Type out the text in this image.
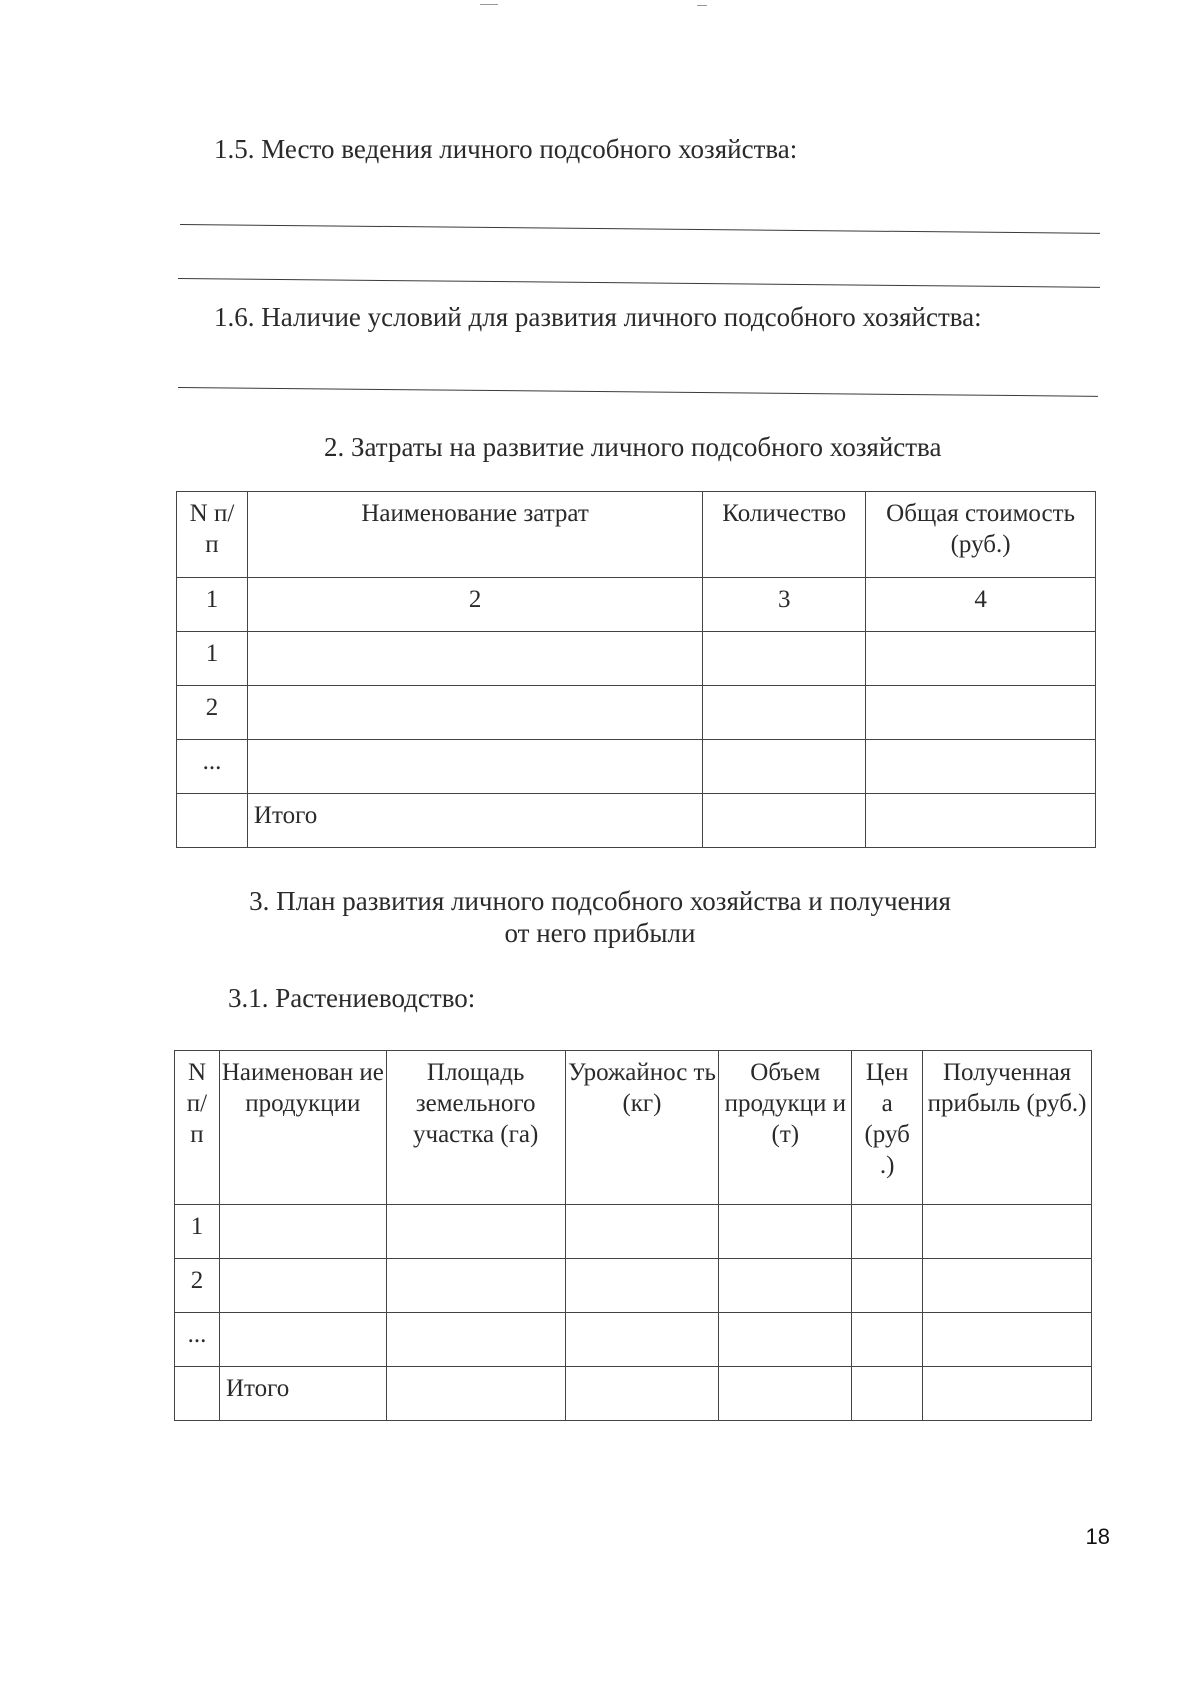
1.5. Место ведения личного подсобного хозяйства:
1.6. Наличие условий для развития личного подсобного хозяйства:
2. Затраты на развитие личного подсобного хозяйства
N п/п	Наименование затрат	Количество	Общая стоимость (руб.)
1	2	3	4
1			
2			
...			
	Итого		
3. План развития личного подсобного хозяйства и получения
от него прибыли
3.1. Растениеводство:
N п/ п	Наименован ие продукции	Площадь земельного участка (га)	Урожайнос ть (кг)	Объем продукци и (т)	Цен а (руб .)	Полученная прибыль (руб.)
1						
2						
...						
	Итого					
18
